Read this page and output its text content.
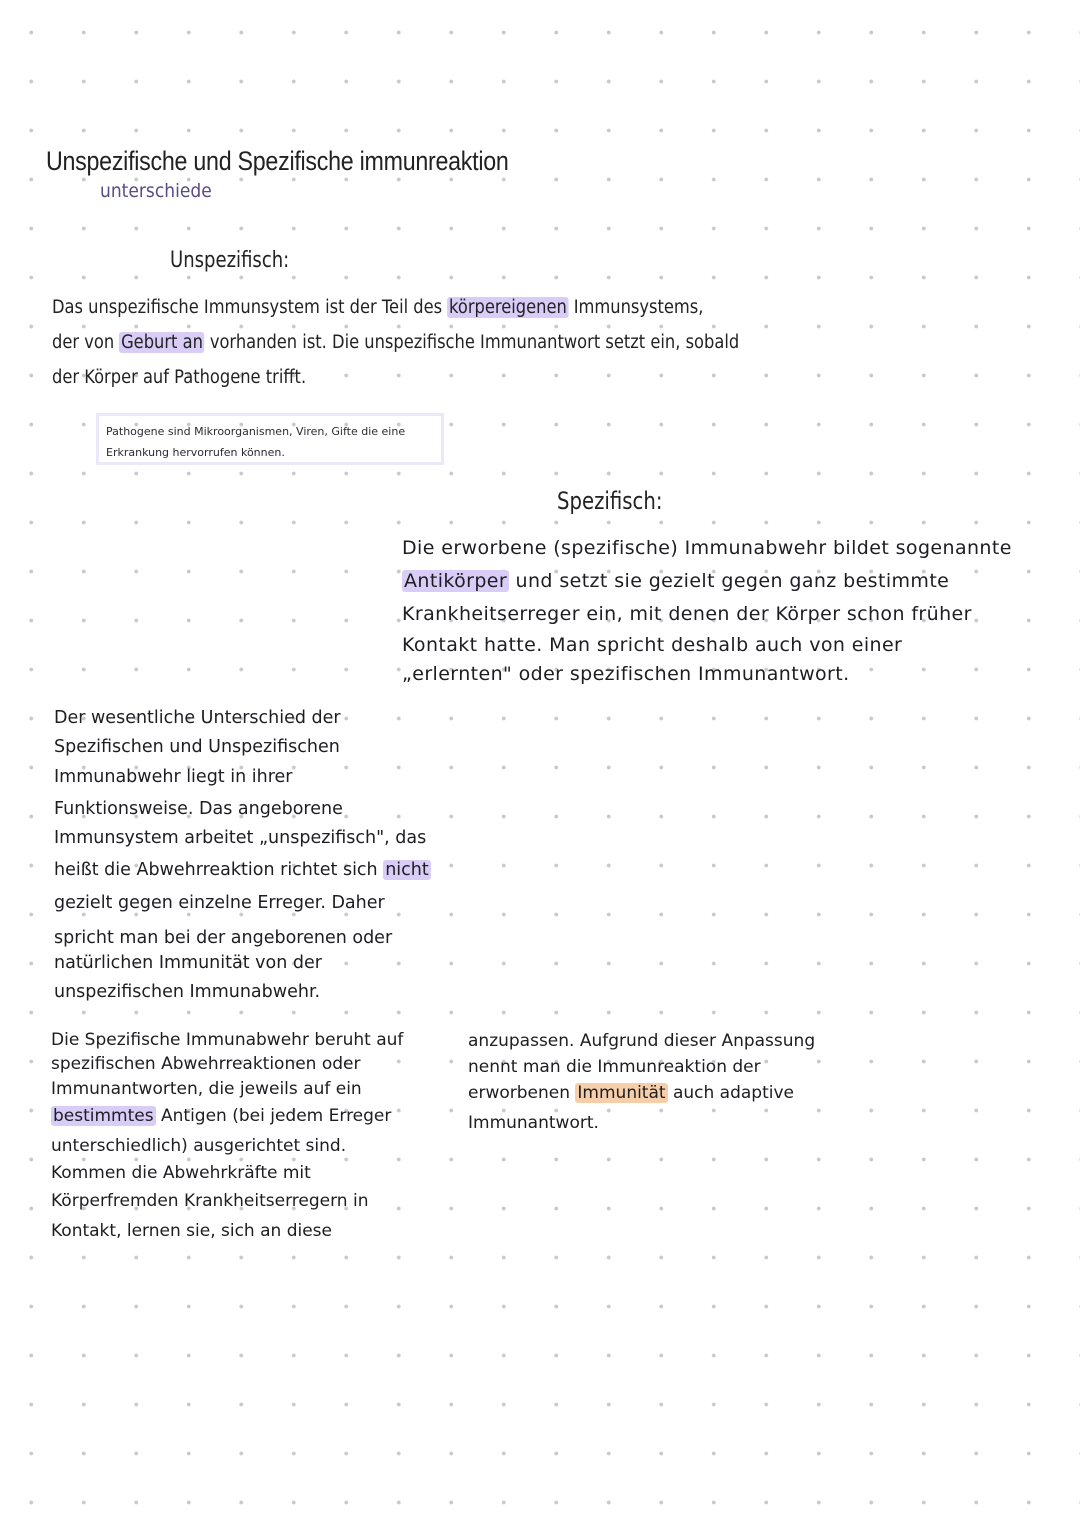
Unspezifische und Spezifische immunreaktion
unterschiede
Unspezifisch:
Das unspezifische Immunsystem ist der Teil des körpereigenen Immunsystems,
der von Geburt an vorhanden ist. Die unspezifische Immunantwort setzt ein, sobald
der Körper auf Pathogene trifft.
Pathogene sind Mikroorganismen, Viren, Gifte die eine
Erkrankung hervorrufen können.
Spezifisch:
Die erworbene (spezifische) Immunabwehr bildet sogenannte
Antikörper und setzt sie gezielt gegen ganz bestimmte
Krankheitserreger ein, mit denen der Körper schon früher
Kontakt hatte. Man spricht deshalb auch von einer
„erlernten" oder spezifischen Immunantwort.
Der wesentliche Unterschied der
Spezifischen und Unspezifischen
Immunabwehr liegt in ihrer
Funktionsweise. Das angeborene
Immunsystem arbeitet „unspezifisch", das
heißt die Abwehrreaktion richtet sich nicht
gezielt gegen einzelne Erreger. Daher
spricht man bei der angeborenen oder
natürlichen Immunität von der
unspezifischen Immunabwehr.
Die Spezifische Immunabwehr beruht auf
spezifischen Abwehrreaktionen oder
Immunantworten, die jeweils auf ein
bestimmtes Antigen (bei jedem Erreger
unterschiedlich) ausgerichtet sind.
Kommen die Abwehrkräfte mit
Körperfremden Krankheitserregern in
Kontakt, lernen sie, sich an diese
anzupassen. Aufgrund dieser Anpassung
nennt man die Immunreaktion der
erworbenen Immunität auch adaptive
Immunantwort.
